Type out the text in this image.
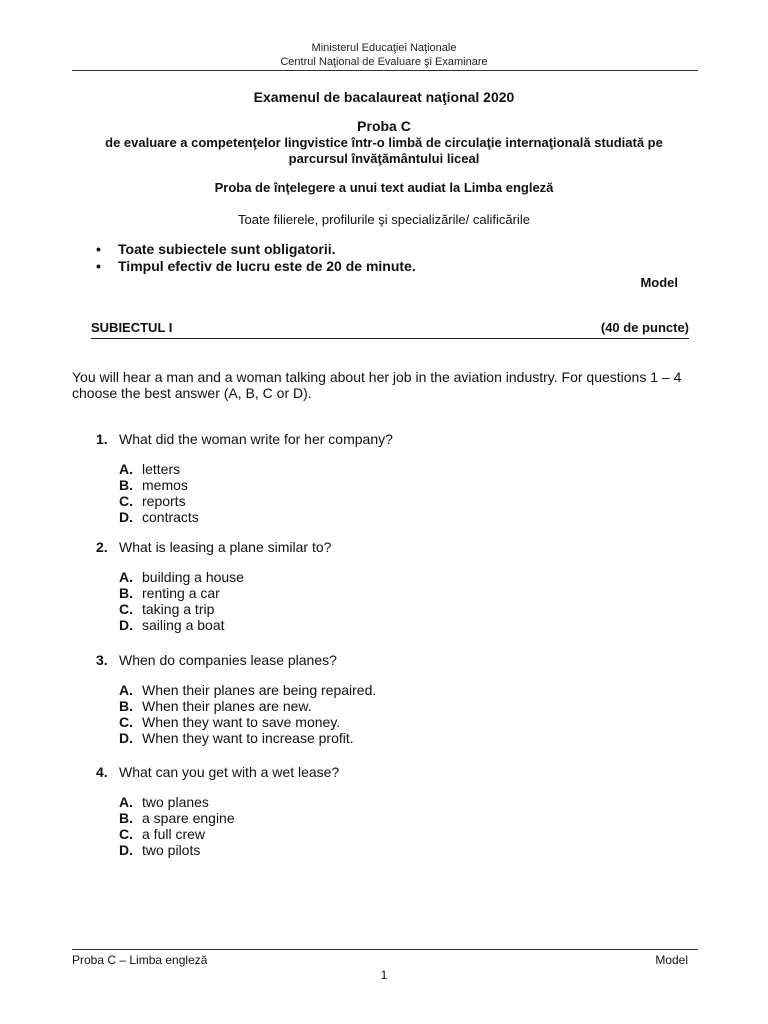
Ministerul Educaţiei Naţionale
Centrul Naţional de Evaluare şi Examinare
Examenul de bacalaureat naţional 2020
Proba C
de evaluare a competenţelor lingvistice într-o limbă de circulaţie internaţională studiată pe
parcursul învăţământului liceal
Proba de înţelegere a unui text audiat la Limba engleză
Toate filierele, profilurile şi specializările/ calificările
• Toate subiectele sunt obligatorii.
• Timpul efectiv de lucru este de 20 de minute.
Model
SUBIECTUL I	(40 de puncte)
You will hear a man and a woman talking about her job in the aviation industry. For questions 1 – 4 choose the best answer (A, B, C or D).
1. What did the woman write for her company?
A. letters
B. memos
C. reports
D. contracts
2. What is leasing a plane similar to?
A. building a house
B. renting a car
C. taking a trip
D. sailing a boat
3. When do companies lease planes?
A. When their planes are being repaired.
B. When their planes are new.
C. When they want to save money.
D. When they want to increase profit.
4. What can you get with a wet lease?
A. two planes
B. a spare engine
C. a full crew
D. two pilots
Proba C – Limba engleză	Model
1
